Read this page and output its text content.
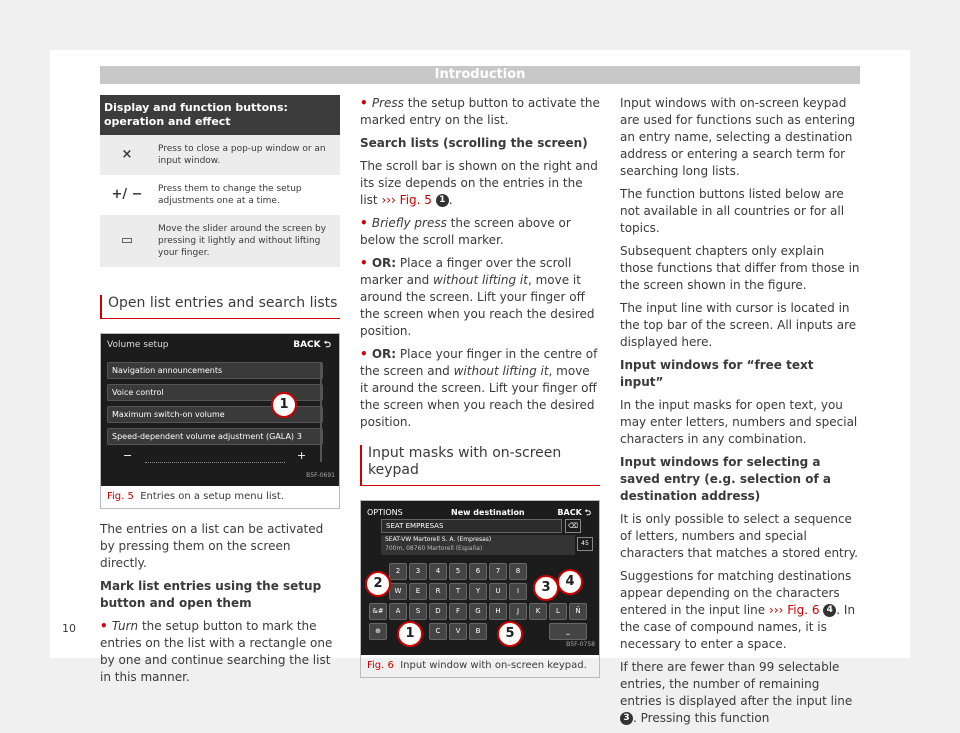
Introduction
Display and function buttons: operation and effect	
×	Press to close a pop-up window or an input window.
+/ −	Press them to change the setup adjustments one at a time.
▭	Move the slider around the screen by pressing it lightly and without lifting your finger.
Open list entries and search lists
Volume setup	BACK ⮌
Navigation announcements
Voice control
Maximum switch-on volume
Speed-dependent volume adjustment (GALA) 3
−	+
1
B5F-0691
Fig. 5 Entries on a setup menu list.

The entries on a list can be activated by pressing them on the screen directly.

Mark list entries using the setup button and open them

• Turn the setup button to mark the entries on the list with a rectangle one by one and continue searching the list in this manner.

• Press the setup button to activate the marked entry on the list.

Search lists (scrolling the screen)

The scroll bar is shown on the right and its size depends on the entries in the list ››› Fig. 5 1 .

• Briefly press the screen above or below the scroll marker.

• OR: Place a finger over the scroll marker and without lifting it, move it around the screen. Lift your finger off the screen when you reach the desired position.

• OR: Place your finger in the centre of the screen and without lifting it, move it around the screen. Lift your finger off the screen when you reach the desired position.

Input masks with on-screen keypad
OPTIONS	New destination	BACK ⮌
SEAT EMPRESAS	⌫
SEAT-VW Martorell S. A. (Empresas)
700m, 08760 Martorell (España)
45
2	3	4	5	6	7	8
W	E	R	T	Y	U	I
&#	A	S	D	F	G	H	J	K	L	Ñ
⊕	C	V	B	⎵
2
1	5
3	4
B5F-0758
Fig. 6 Input window with on-screen keypad.

Input windows with on-screen keypad are used for functions such as entering an entry name, selecting a destination address or entering a search term for searching long lists.

The function buttons listed below are not available in all countries or for all topics.

Subsequent chapters only explain those functions that differ from those in the screen shown in the figure.

The input line with cursor is located in the top bar of the screen. All inputs are displayed here.

Input windows for “free text input”

In the input masks for open text, you may enter letters, numbers and special characters in any combination.

Input windows for selecting a saved entry (e.g. selection of a destination address)

It is only possible to select a sequence of letters, numbers and special characters that matches a stored entry.

Suggestions for matching destinations appear depending on the characters entered in the input line ››› Fig. 6 4 . In the case of compound names, it is necessary to enter a space.

If there are fewer than 99 selectable entries, the number of remaining entries is displayed after the input line 3 . Pressing this function

10
